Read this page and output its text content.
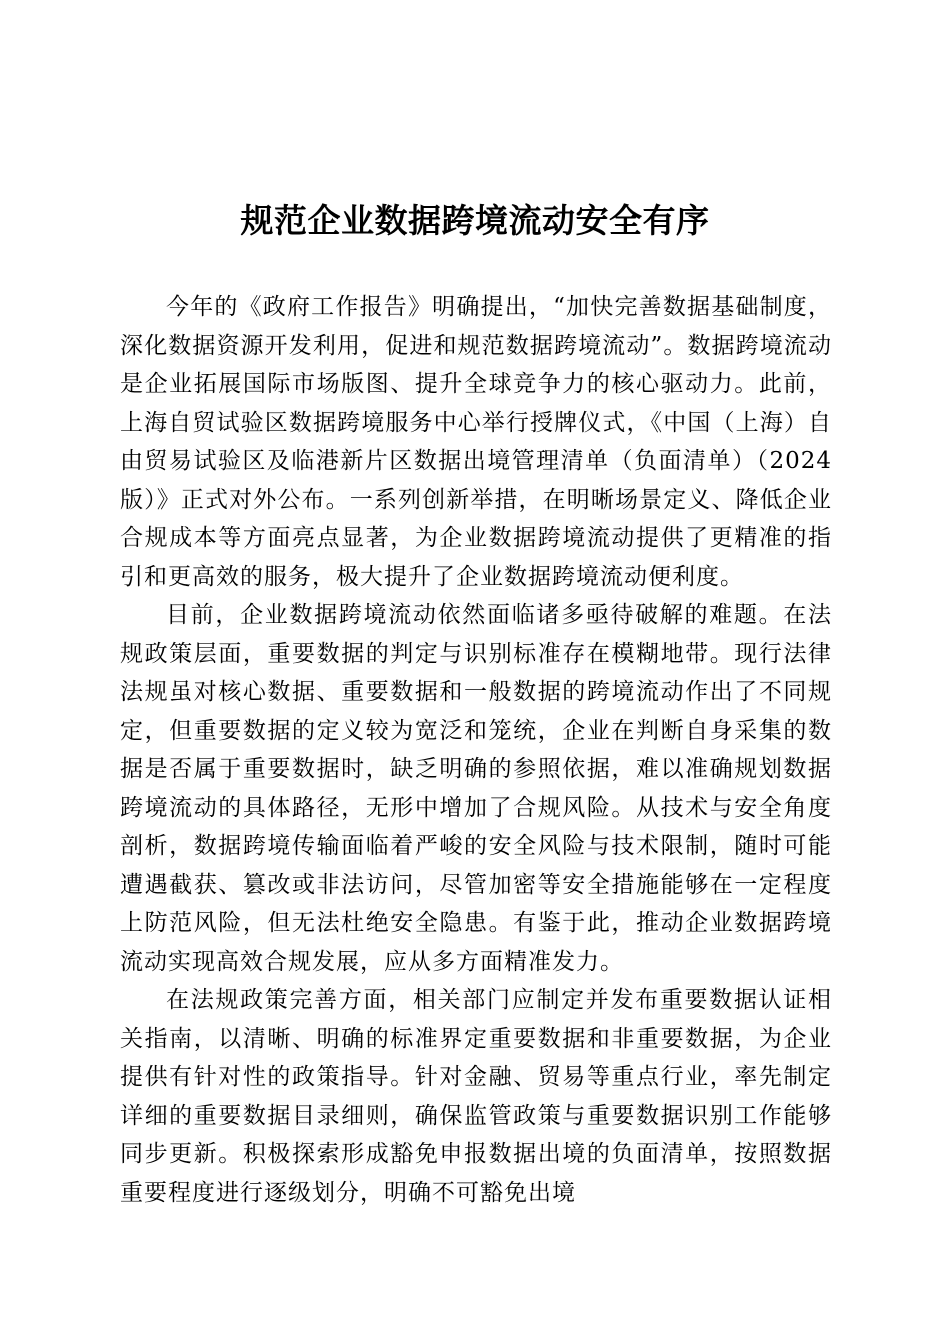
规范企业数据跨境流动安全有序

今年的《政府工作报告》明确提出，“加快完善数据基础制度，深化数据资源开发利用，促进和规范数据跨境流动”。数据跨境流动是企业拓展国际市场版图、提升全球竞争力的核心驱动力。此前，上海自贸试验区数据跨境服务中心举行授牌仪式，《中国（上海）自由贸易试验区及临港新片区数据出境管理清单（负面清单）（2024版）》正式对外公布。一系列创新举措，在明晰场景定义、降低企业合规成本等方面亮点显著，为企业数据跨境流动提供了更精准的指引和更高效的服务，极大提升了企业数据跨境流动便利度。

目前，企业数据跨境流动依然面临诸多亟待破解的难题。在法规政策层面，重要数据的判定与识别标准存在模糊地带。现行法律法规虽对核心数据、重要数据和一般数据的跨境流动作出了不同规定，但重要数据的定义较为宽泛和笼统，企业在判断自身采集的数据是否属于重要数据时，缺乏明确的参照依据，难以准确规划数据跨境流动的具体路径，无形中增加了合规风险。从技术与安全角度剖析，数据跨境传输面临着严峻的安全风险与技术限制，随时可能遭遇截获、篡改或非法访问，尽管加密等安全措施能够在一定程度上防范风险，但无法杜绝安全隐患。有鉴于此，推动企业数据跨境流动实现高效合规发展，应从多方面精准发力。

在法规政策完善方面，相关部门应制定并发布重要数据认证相关指南，以清晰、明确的标准界定重要数据和非重要数据，为企业提供有针对性的政策指导。针对金融、贸易等重点行业，率先制定详细的重要数据目录细则，确保监管政策与重要数据识别工作能够同步更新。积极探索形成豁免申报数据出境的负面清单，按照数据重要程度进行逐级划分，明确不可豁免出境
